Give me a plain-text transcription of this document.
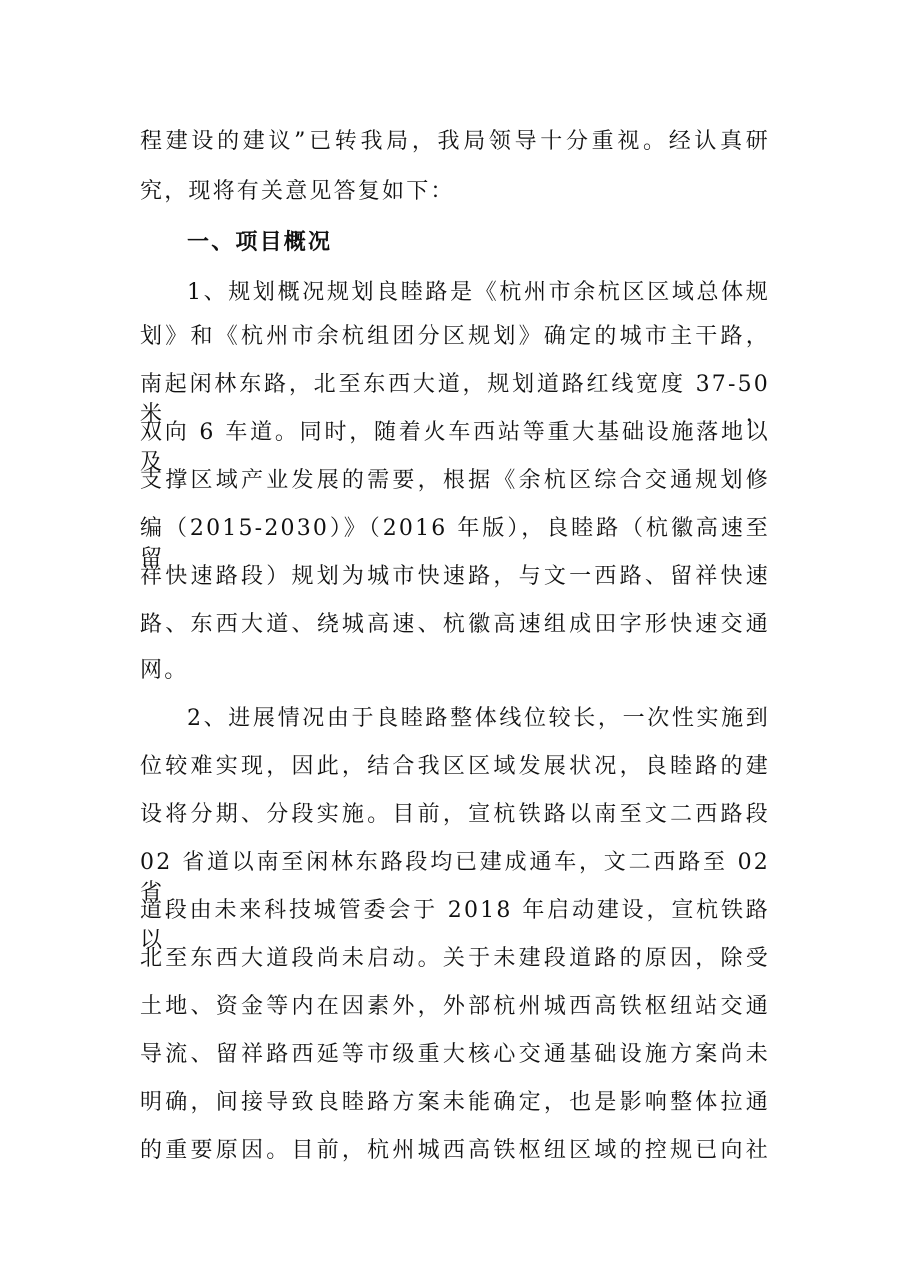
程建设的建议”已转我局，我局领导十分重视。经认真研
究，现将有关意见答复如下：
一、项目概况
1、规划概况规划良睦路是《杭州市余杭区区域总体规
划》和《杭州市余杭组团分区规划》确定的城市主干路，
南起闲林东路，北至东西大道，规划道路红线宽度 37-50 米，
双向 6 车道。同时，随着火车西站等重大基础设施落地以及
支撑区域产业发展的需要，根据《余杭区综合交通规划修
编（2015-2030）》（2016 年版），良睦路（杭徽高速至留
祥快速路段）规划为城市快速路，与文一西路、留祥快速
路、东西大道、绕城高速、杭徽高速组成田字形快速交通
网。
2、进展情况由于良睦路整体线位较长，一次性实施到
位较难实现，因此，结合我区区域发展状况，良睦路的建
设将分期、分段实施。目前，宣杭铁路以南至文二西路段
02 省道以南至闲林东路段均已建成通车，文二西路至 02 省
道段由未来科技城管委会于 2018 年启动建设，宣杭铁路以
北至东西大道段尚未启动。关于未建段道路的原因，除受
土地、资金等内在因素外，外部杭州城西高铁枢纽站交通
导流、留祥路西延等市级重大核心交通基础设施方案尚未
明确，间接导致良睦路方案未能确定，也是影响整体拉通
的重要原因。目前，杭州城西高铁枢纽区域的控规已向社
